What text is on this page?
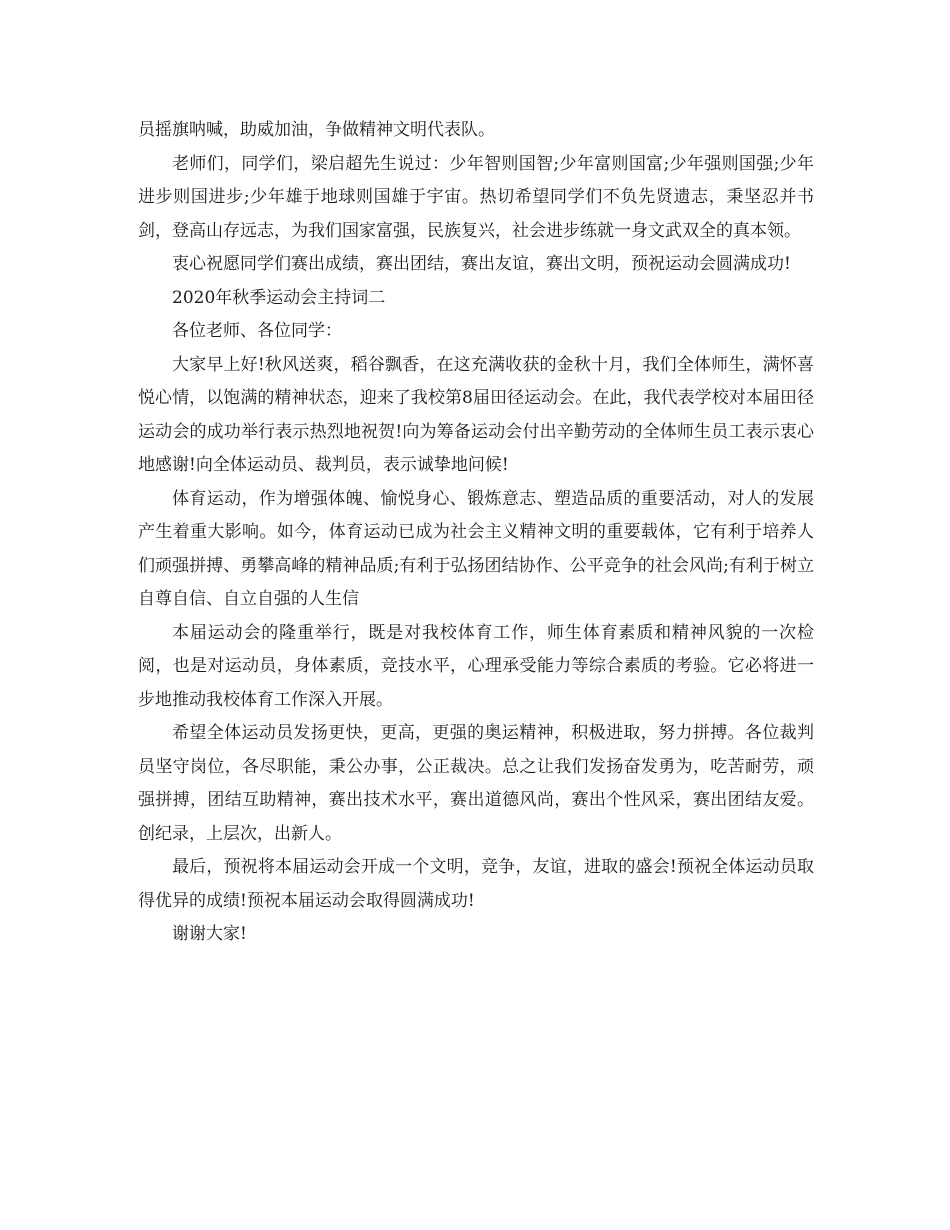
员摇旗呐喊，助威加油，争做精神文明代表队。

老师们，同学们，梁启超先生说过：少年智则国智;少年富则国富;少年强则国强;少年进步则国进步;少年雄于地球则国雄于宇宙。热切希望同学们不负先贤遗志，秉坚忍并书剑，登高山存远志，为我们国家富强，民族复兴，社会进步练就一身文武双全的真本领。

衷心祝愿同学们赛出成绩，赛出团结，赛出友谊，赛出文明，预祝运动会圆满成功!

2020年秋季运动会主持词二

各位老师、各位同学：

大家早上好!秋风送爽，稻谷飘香，在这充满收获的金秋十月，我们全体师生，满怀喜悦心情，以饱满的精神状态，迎来了我校第8届田径运动会。在此，我代表学校对本届田径运动会的成功举行表示热烈地祝贺!向为筹备运动会付出辛勤劳动的全体师生员工表示衷心地感谢!向全体运动员、裁判员，表示诚挚地问候!

体育运动，作为增强体魄、愉悦身心、锻炼意志、塑造品质的重要活动，对人的发展产生着重大影响。如今，体育运动已成为社会主义精神文明的重要载体，它有利于培养人们顽强拼搏、勇攀高峰的精神品质;有利于弘扬团结协作、公平竞争的社会风尚;有利于树立自尊自信、自立自强的人生信

本届运动会的隆重举行，既是对我校体育工作，师生体育素质和精神风貌的一次检阅，也是对运动员，身体素质，竞技水平，心理承受能力等综合素质的考验。它必将进一步地推动我校体育工作深入开展。

希望全体运动员发扬更快，更高，更强的奥运精神，积极进取，努力拼搏。各位裁判员坚守岗位，各尽职能，秉公办事，公正裁决。总之让我们发扬奋发勇为，吃苦耐劳，顽强拼搏，团结互助精神，赛出技术水平，赛出道德风尚，赛出个性风采，赛出团结友爱。创纪录，上层次，出新人。

最后，预祝将本届运动会开成一个文明，竞争，友谊，进取的盛会!预祝全体运动员取得优异的成绩!预祝本届运动会取得圆满成功!

谢谢大家!
